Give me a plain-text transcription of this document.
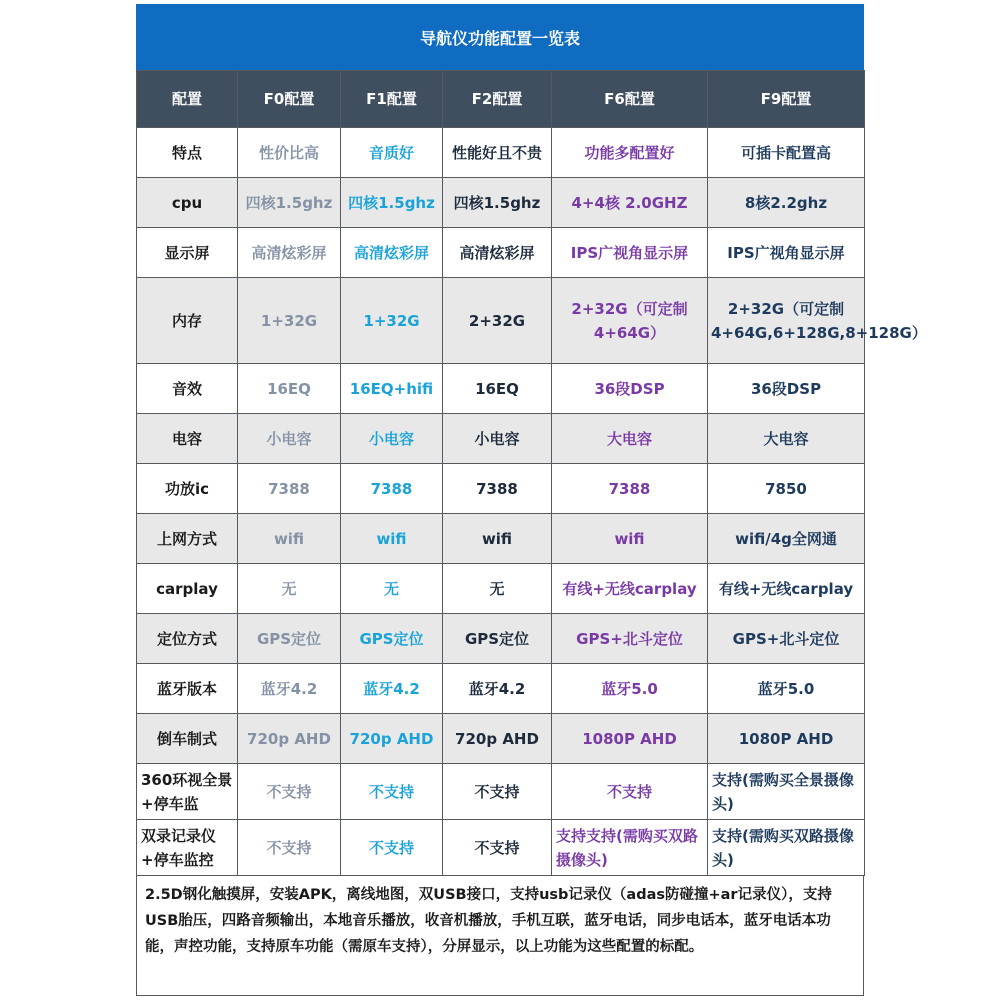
导航仪功能配置一览表
配置	F0配置	F1配置	F2配置	F6配置	F9配置
特点	性价比高	音质好	性能好且不贵	功能多配置好	可插卡配置高
cpu	四核1.5ghz	四核1.5ghz	四核1.5ghz	4+4核 2.0GHZ	8核2.2ghz
显示屏	高清炫彩屏	高清炫彩屏	高清炫彩屏	IPS广视角显示屏	IPS广视角显示屏
内存	1+32G	1+32G	2+32G	2+32G（可定制4+64G）	2+32G（可定制4+64G,6+128G,8+128G）
音效	16EQ	16EQ+hifi	16EQ	36段DSP	36段DSP
电容	小电容	小电容	小电容	大电容	大电容
功放ic	7388	7388	7388	7388	7850
上网方式	wifi	wifi	wifi	wifi	wifi/4g全网通
carplay	无	无	无	有线+无线carplay	有线+无线carplay
定位方式	GPS定位	GPS定位	GPS定位	GPS+北斗定位	GPS+北斗定位
蓝牙版本	蓝牙4.2	蓝牙4.2	蓝牙4.2	蓝牙5.0	蓝牙5.0
倒车制式	720p AHD	720p AHD	720p AHD	1080P AHD	1080P AHD
360环视全景+停车监	不支持	不支持	不支持	不支持	支持(需购买全景摄像头)
双录记录仪+停车监控	不支持	不支持	不支持	支持支持(需购买双路摄像头)	支持(需购买双路摄像头)
2.5D钢化触摸屏，安装APK，离线地图，双USB接口，支持usb记录仪（adas防碰撞+ar记录仪），支持USB胎压，四路音频输出，本地音乐播放，收音机播放，手机互联，蓝牙电话，同步电话本，蓝牙电话本功能，声控功能，支持原车功能（需原车支持），分屏显示，以上功能为这些配置的标配。
